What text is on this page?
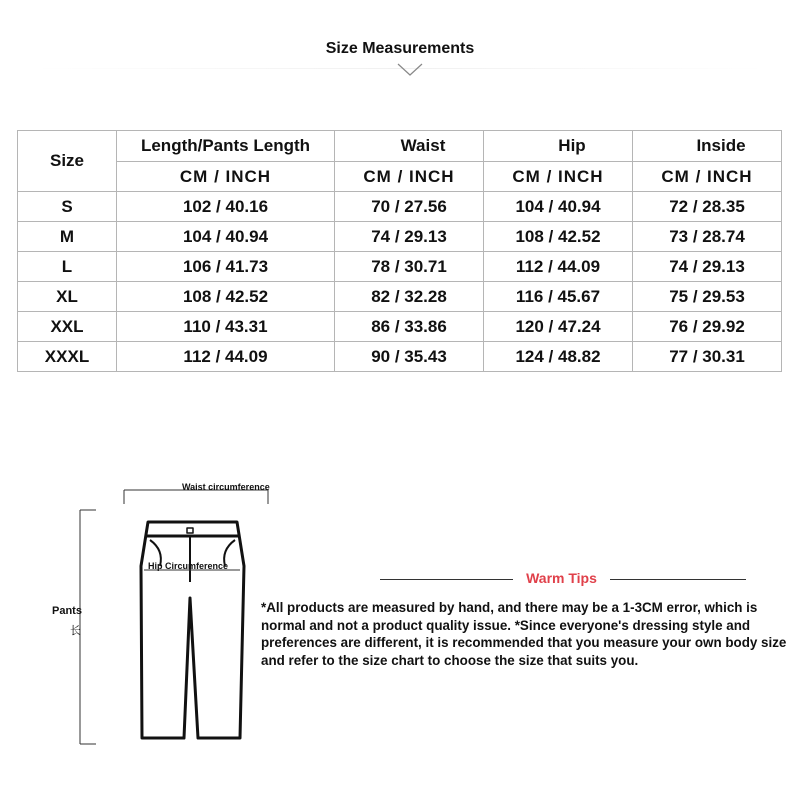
Size Measurements
Size	Length/Pants Length	Waist	Hip	Inside
	CM / INCH	CM / INCH	CM / INCH	CM / INCH
S	102 / 40.16	70 / 27.56	104 / 40.94	72 / 28.35
M	104 / 40.94	74 / 29.13	108 / 42.52	73 / 28.74
L	106 / 41.73	78 / 30.71	112 / 44.09	74 / 29.13
XL	108 / 42.52	82 / 32.28	116 / 45.67	75 / 29.53
XXL	110 / 43.31	86 / 33.86	120 / 47.24	76 / 29.92
XXXL	112 / 44.09	90 / 35.43	124 / 48.82	77 / 30.31
Waist circumference
Hip Circumference
Pants
长
Warm Tips
*All products are measured by hand, and there may be a 1-3CM error, which is normal and not a product quality issue. *Since everyone's dressing style and preferences are different, it is recommended that you measure your own body size and refer to the size chart to choose the size that suits you.
